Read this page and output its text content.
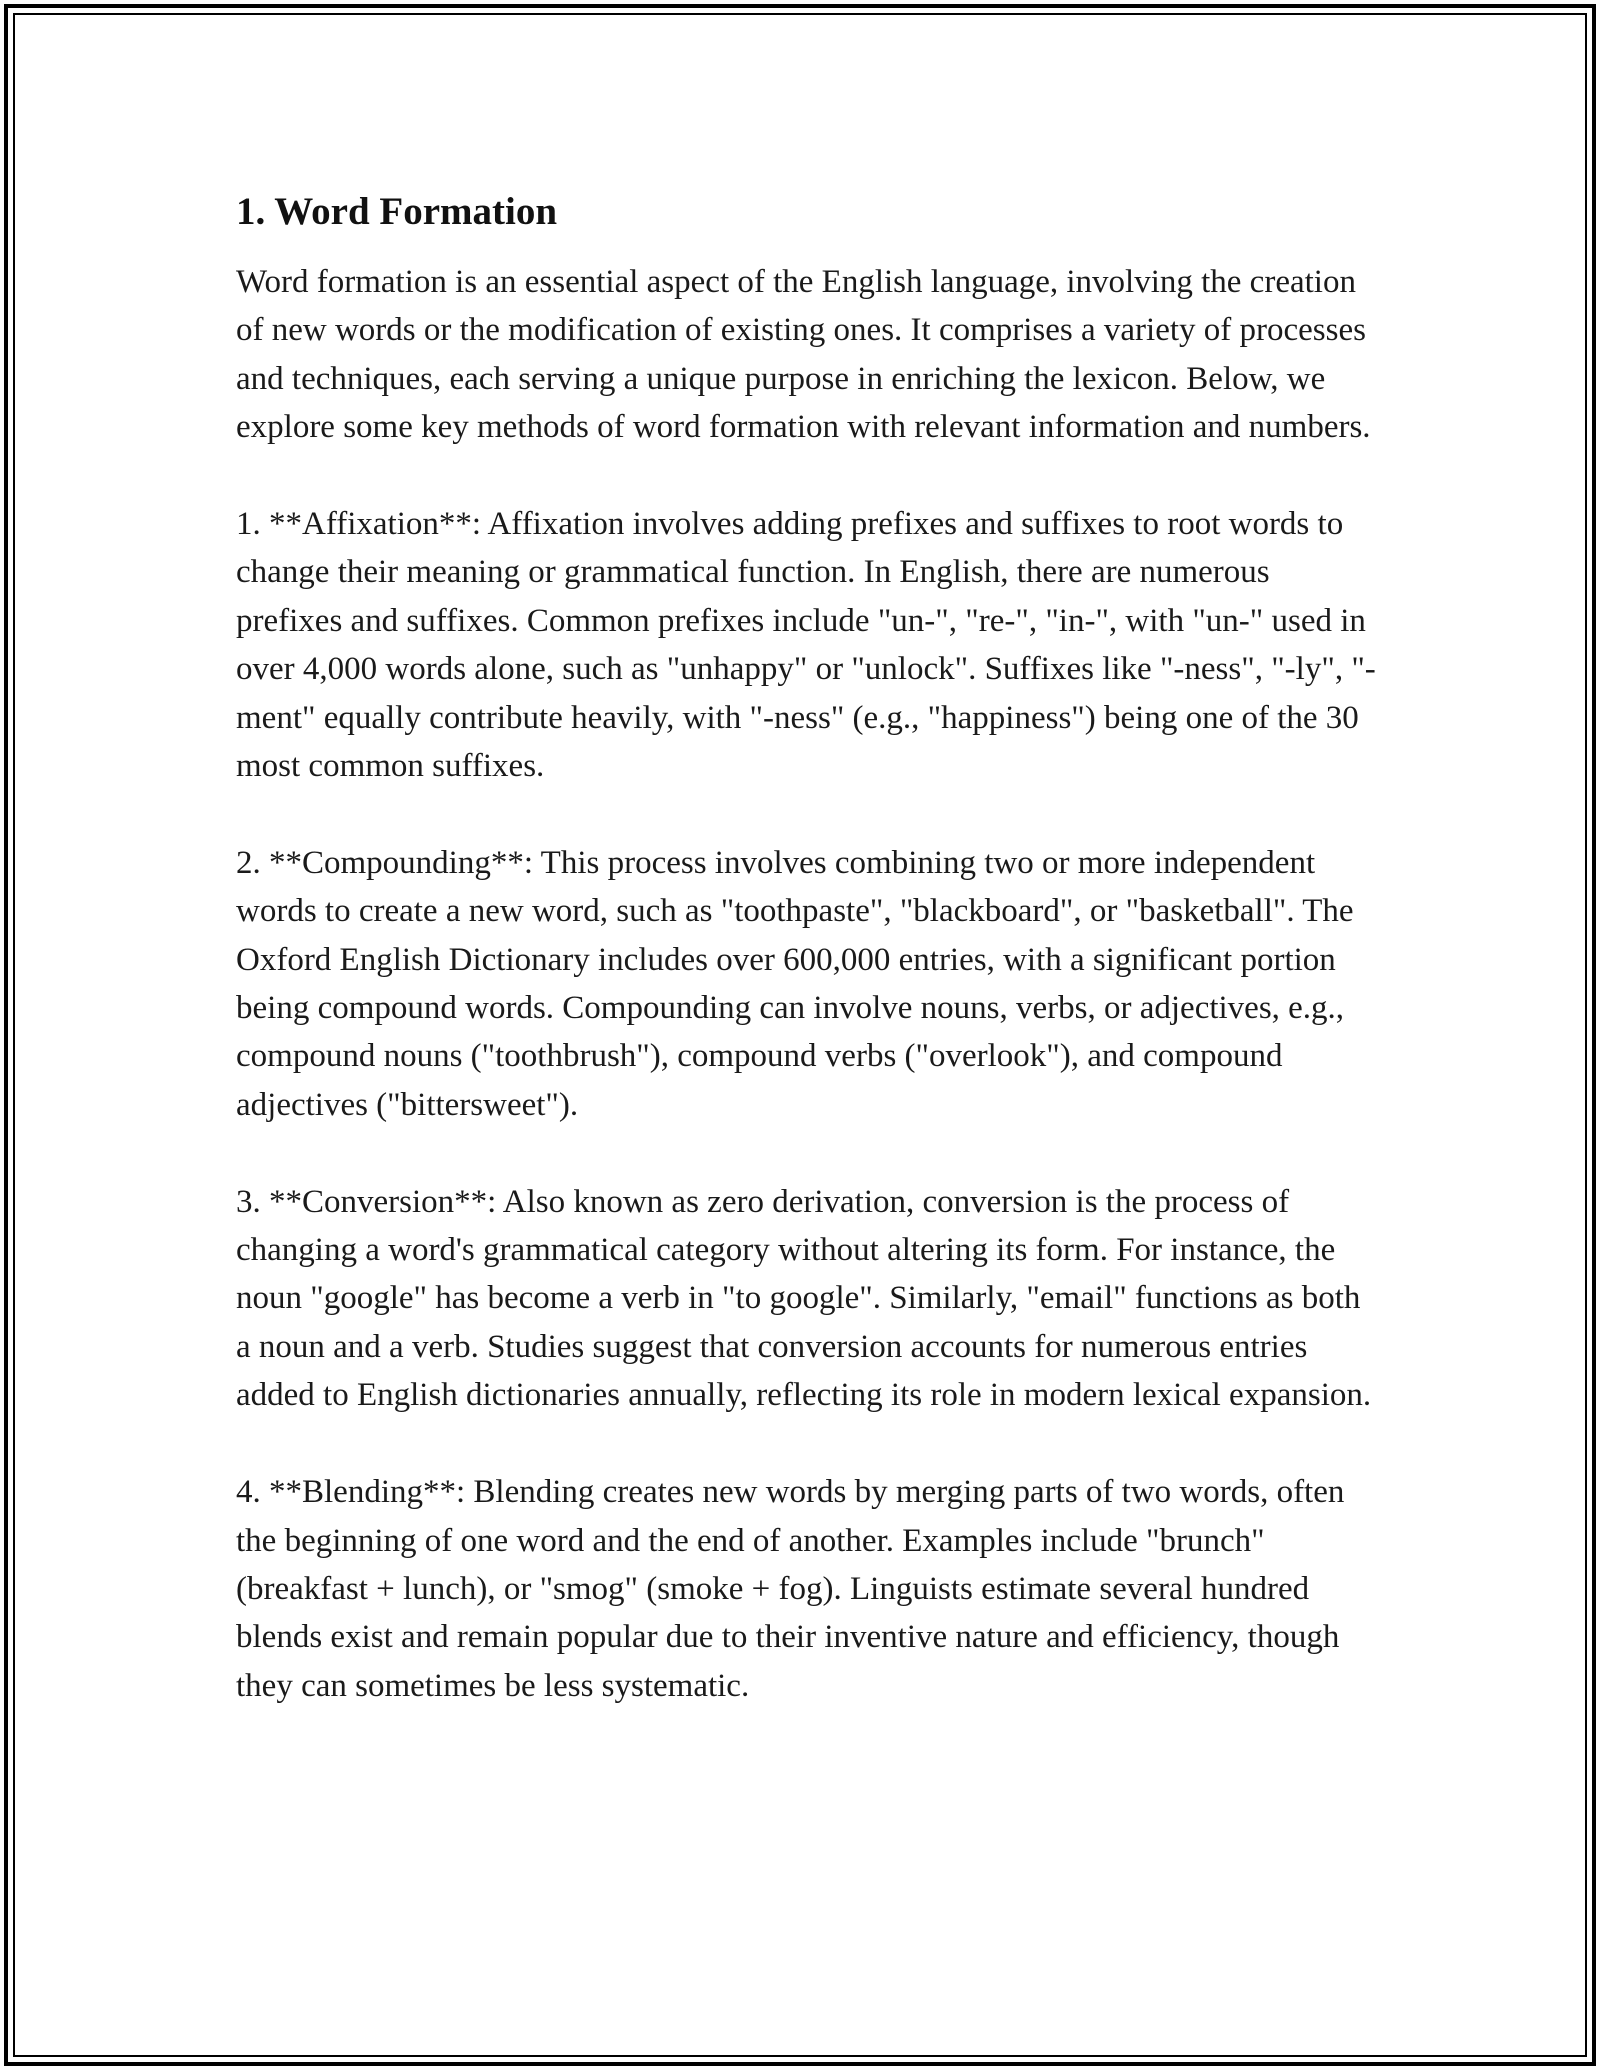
1. Word Formation

Word formation is an essential aspect of the English language, involving the creation of new words or the modification of existing ones. It comprises a variety of processes and techniques, each serving a unique purpose in enriching the lexicon. Below, we explore some key methods of word formation with relevant information and numbers.

1. **Affixation**: Affixation involves adding prefixes and suffixes to root words to change their meaning or grammatical function. In English, there are numerous prefixes and suffixes. Common prefixes include "un-", "re-", "in-", with "un-" used in over 4,000 words alone, such as "unhappy" or "unlock". Suffixes like "-ness", "-ly", "-ment" equally contribute heavily, with "-ness" (e.g., "happiness") being one of the 30 most common suffixes.

2. **Compounding**: This process involves combining two or more independent words to create a new word, such as "toothpaste", "blackboard", or "basketball". The Oxford English Dictionary includes over 600,000 entries, with a significant portion being compound words. Compounding can involve nouns, verbs, or adjectives, e.g., compound nouns ("toothbrush"), compound verbs ("overlook"), and compound adjectives ("bittersweet").

3. **Conversion**: Also known as zero derivation, conversion is the process of changing a word's grammatical category without altering its form. For instance, the noun "google" has become a verb in "to google". Similarly, "email" functions as both a noun and a verb. Studies suggest that conversion accounts for numerous entries added to English dictionaries annually, reflecting its role in modern lexical expansion.

4. **Blending**: Blending creates new words by merging parts of two words, often the beginning of one word and the end of another. Examples include "brunch" (breakfast + lunch), or "smog" (smoke + fog). Linguists estimate several hundred blends exist and remain popular due to their inventive nature and efficiency, though they can sometimes be less systematic.
